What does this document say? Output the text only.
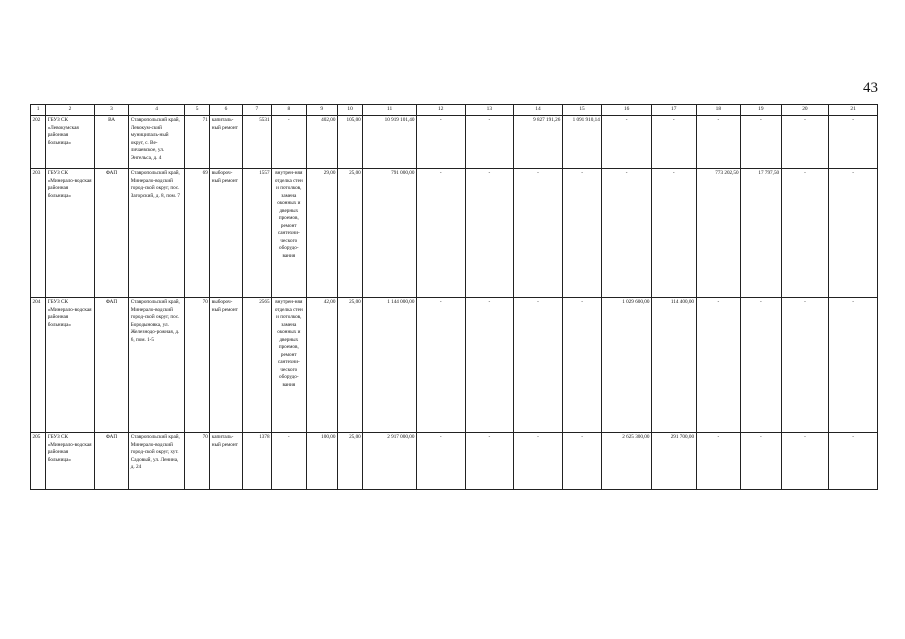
43
1	2	3	4	5	6	7	8	9	10	11	12	13	14	15	16	17	18	19	20	21
202	ГБУЗ СК «Левокумская районная больница»	ВА	Ставропольский край, Левокум-ский муниципаль-ный округ, с. Ве-личаевское, ул. Энгельса, д. 4	71	капиталь-ный ремонт	5531	-	402,00	105,00	10 919 101,40	-	-	9 827 191,26	1 091 910,14	-	-	-	-	-	-
203	ГБУЗ СК «Минерало-водская районная больница»	ФАП	Ставропольский край, Минерало-водский город-ской округ, пос. Загорский, д. 8, пом. 7	69	выбороч-ный ремонт	1557	внутрен-няя отделка стен и потолков, замена оконных и дверных проемов, ремонт сантехни-ческого оборудо-вания	29,00	25,00	791 000,00	-	-	-	-	-	-	773 202,50	17 797,50	-	-
204	ГБУЗ СК «Минерало-водская районная больница»	ФАП	Ставропольский край, Минерало-водский город-ской округ, пос. Бородыновка, ул. Железнодо-рожная, д. 6, пом. 1-5	70	выбороч-ный ремонт	2565	внутрен-няя отделка стен и потолков, замена оконных и дверных проемов, ремонт сантехни-ческого оборудо-вания	42,00	25,00	1 144 000,00	-	-	-	-	1 029 600,00	114 400,00	-	-	-	-
205	ГБУЗ СК «Минерало-водская районная больница»	ФАП	Ставропольский край, Минерало-водский город-ской округ, хут. Садовый, ул. Ленина, д. 24	70	капиталь-ный ремонт	1378	-	100,00	25,00	2 917 000,00	-	-	-	-	2 625 300,00	291 700,00	-	-	-	-
